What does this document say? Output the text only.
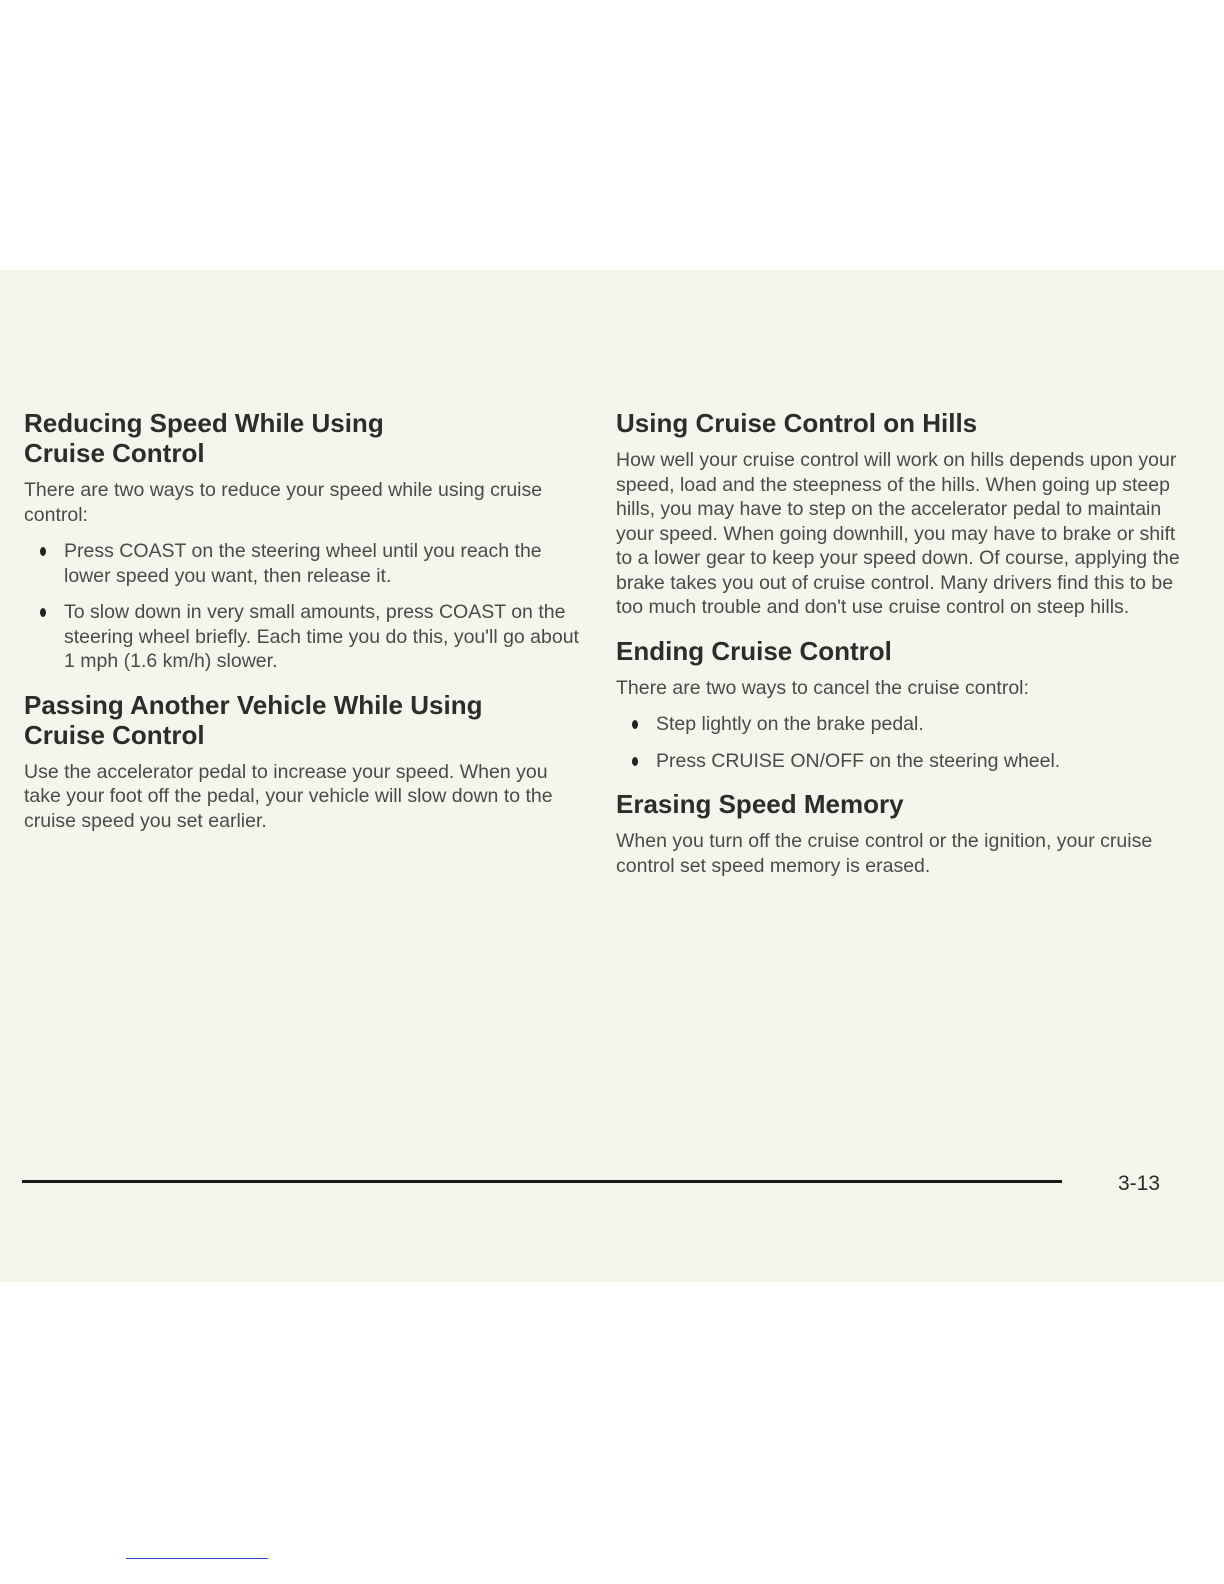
Reducing Speed While Using Cruise Control

There are two ways to reduce your speed while using cruise control:

Press COAST on the steering wheel until you reach the lower speed you want, then release it.
To slow down in very small amounts, press COAST on the steering wheel briefly. Each time you do this, you'll go about 1 mph (1.6 km/h) slower.
Passing Another Vehicle While Using Cruise Control

Use the accelerator pedal to increase your speed. When you take your foot off the pedal, your vehicle will slow down to the cruise speed you set earlier.

Using Cruise Control on Hills

How well your cruise control will work on hills depends upon your speed, load and the steepness of the hills. When going up steep hills, you may have to step on the accelerator pedal to maintain your speed. When going downhill, you may have to brake or shift to a lower gear to keep your speed down. Of course, applying the brake takes you out of cruise control. Many drivers find this to be too much trouble and don't use cruise control on steep hills.

Ending Cruise Control

There are two ways to cancel the cruise control:

Step lightly on the brake pedal.
Press CRUISE ON/OFF on the steering wheel.
Erasing Speed Memory

When you turn off the cruise control or the ignition, your cruise control set speed memory is erased.

3-13
